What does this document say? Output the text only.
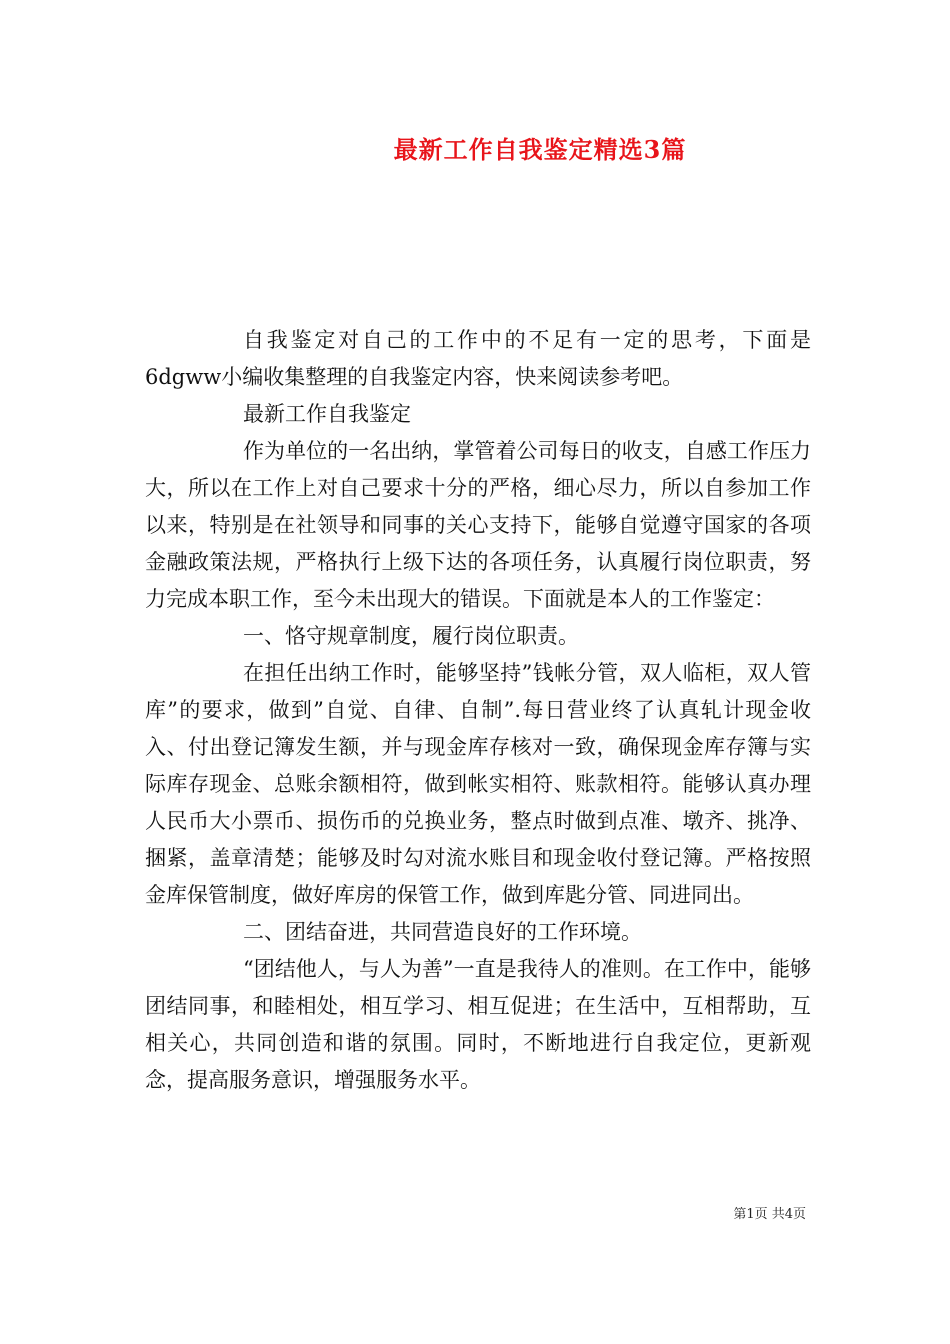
最新工作自我鉴定精选3篇

自我鉴定对自己的工作中的不足有一定的思考，下面是6dgww小编收集整理的自我鉴定内容，快来阅读参考吧。

最新工作自我鉴定

作为单位的一名出纳，掌管着公司每日的收支，自感工作压力大，所以在工作上对自己要求十分的严格，细心尽力，所以自参加工作以来，特别是在社领导和同事的关心支持下，能够自觉遵守国家的各项金融政策法规，严格执行上级下达的各项任务，认真履行岗位职责，努力完成本职工作，至今未出现大的错误。下面就是本人的工作鉴定：

一、恪守规章制度，履行岗位职责。

在担任出纳工作时，能够坚持”钱帐分管，双人临柜，双人管库”的要求，做到”自觉、自律、自制”.每日营业终了认真轧计现金收入、付出登记簿发生额，并与现金库存核对一致，确保现金库存簿与实际库存现金、总账余额相符，做到帐实相符、账款相符。能够认真办理人民币大小票币、损伤币的兑换业务，整点时做到点准、墩齐、挑净、捆紧，盖章清楚；能够及时勾对流水账目和现金收付登记簿。严格按照金库保管制度，做好库房的保管工作，做到库匙分管、同进同出。

二、团结奋进，共同营造良好的工作环境。

“团结他人，与人为善”一直是我待人的准则。在工作中，能够团结同事，和睦相处，相互学习、相互促进；在生活中，互相帮助，互相关心，共同创造和谐的氛围。同时，不断地进行自我定位，更新观念，提高服务意识，增强服务水平。

第1页 共4页
